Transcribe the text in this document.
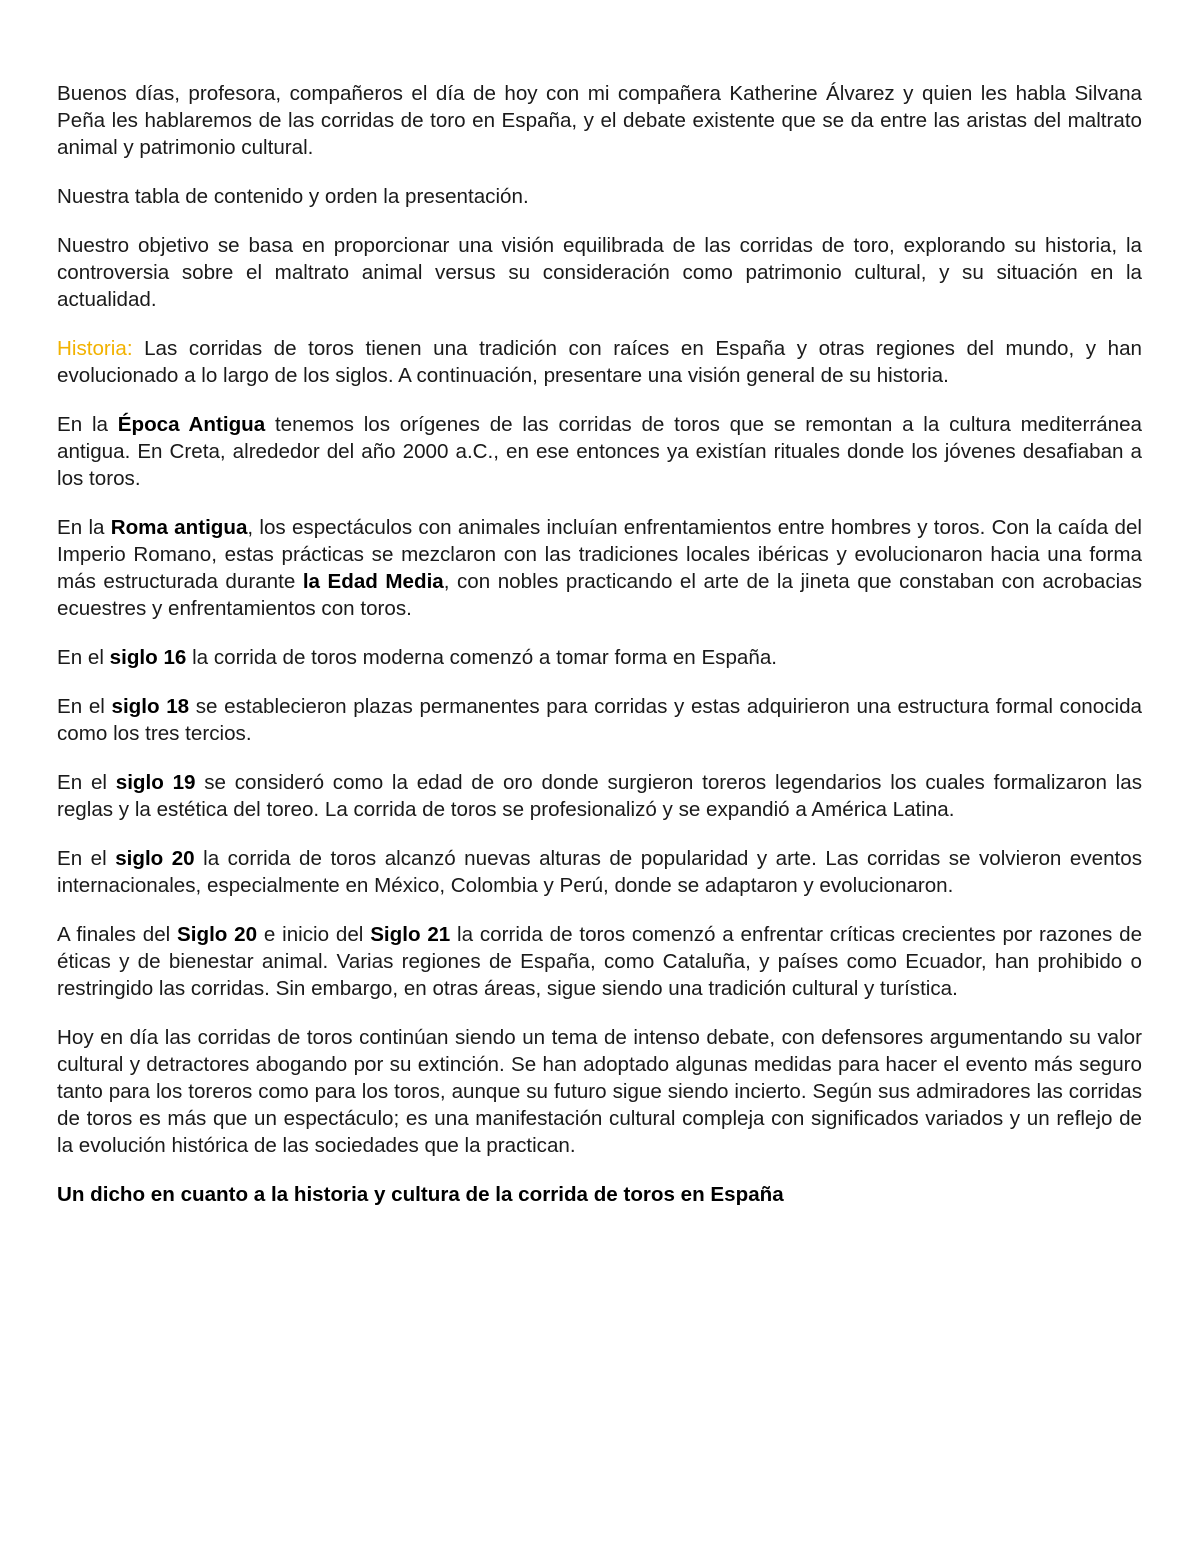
Buenos días, profesora, compañeros el día de hoy con mi compañera Katherine Álvarez y quien les habla Silvana Peña les hablaremos de las corridas de toro en España, y el debate existente que se da entre las aristas del maltrato animal y patrimonio cultural.

Nuestra tabla de contenido y orden la presentación.

Nuestro objetivo se basa en proporcionar una visión equilibrada de las corridas de toro, explorando su historia, la controversia sobre el maltrato animal versus su consideración como patrimonio cultural, y su situación en la actualidad.

Historia: Las corridas de toros tienen una tradición con raíces en España y otras regiones del mundo, y han evolucionado a lo largo de los siglos. A continuación, presentare una visión general de su historia.

En la Época Antigua tenemos los orígenes de las corridas de toros que se remontan a la cultura mediterránea antigua. En Creta, alrededor del año 2000 a.C., en ese entonces ya existían rituales donde los jóvenes desafiaban a los toros.

En la Roma antigua, los espectáculos con animales incluían enfrentamientos entre hombres y toros. Con la caída del Imperio Romano, estas prácticas se mezclaron con las tradiciones locales ibéricas y evolucionaron hacia una forma más estructurada durante la Edad Media, con nobles practicando el arte de la jineta que constaban con acrobacias ecuestres y enfrentamientos con toros.

En el siglo 16 la corrida de toros moderna comenzó a tomar forma en España.

En el siglo 18 se establecieron plazas permanentes para corridas y estas adquirieron una estructura formal conocida como los tres tercios.

En el siglo 19 se consideró como la edad de oro donde surgieron toreros legendarios los cuales formalizaron las reglas y la estética del toreo. La corrida de toros se profesionalizó y se expandió a América Latina.

En el siglo 20 la corrida de toros alcanzó nuevas alturas de popularidad y arte. Las corridas se volvieron eventos internacionales, especialmente en México, Colombia y Perú, donde se adaptaron y evolucionaron.

A finales del Siglo 20 e inicio del Siglo 21 la corrida de toros comenzó a enfrentar críticas crecientes por razones de éticas y de bienestar animal. Varias regiones de España, como Cataluña, y países como Ecuador, han prohibido o restringido las corridas. Sin embargo, en otras áreas, sigue siendo una tradición cultural y turística.

Hoy en día las corridas de toros continúan siendo un tema de intenso debate, con defensores argumentando su valor cultural y detractores abogando por su extinción. Se han adoptado algunas medidas para hacer el evento más seguro tanto para los toreros como para los toros, aunque su futuro sigue siendo incierto. Según sus admiradores las corridas de toros es más que un espectáculo; es una manifestación cultural compleja con significados variados y un reflejo de la evolución histórica de las sociedades que la practican.

Un dicho en cuanto a la historia y cultura de la corrida de toros en España
